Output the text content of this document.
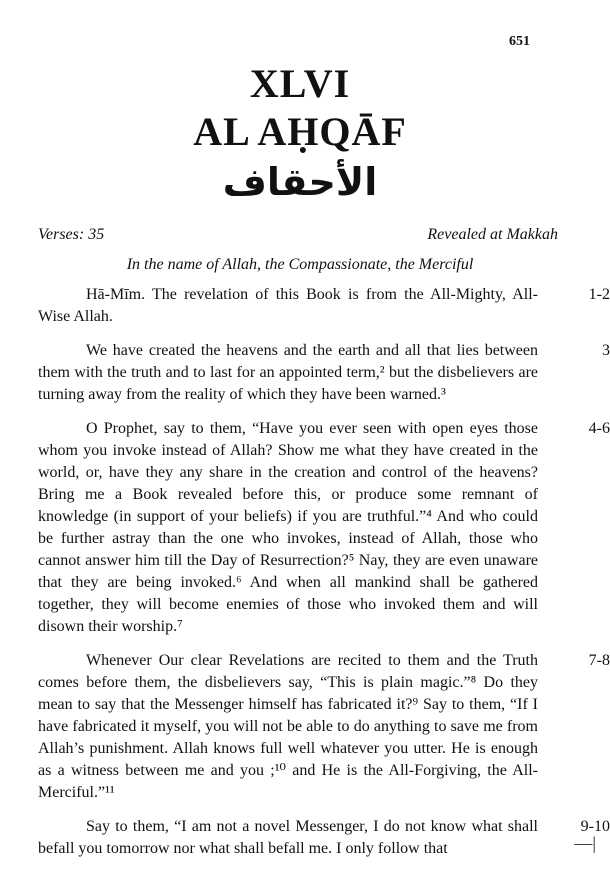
651
XLVI
AL AḤQĀF
الأحقاف
Verses: 35	Revealed at Makkah
In the name of Allah, the Compassionate, the Merciful

Hā-Mīm. The revelation of this Book is from the All-Mighty, All-Wise Allah.

1-2

We have created the heavens and the earth and all that lies between them with the truth and to last for an appointed term,² but the disbelievers are turning away from the reality of which they have been warned.³

3

O Prophet, say to them, “Have you ever seen with open eyes those whom you invoke instead of Allah? Show me what they have created in the world, or, have they any share in the creation and control of the heavens? Bring me a Book revealed before this, or produce some remnant of knowledge (in support of your beliefs) if you are truthful.”⁴ And who could be further astray than the one who invokes, instead of Allah, those who cannot answer him till the Day of Resurrection?⁵ Nay, they are even unaware that they are being invoked.⁶ And when all mankind shall be gathered together, they will become enemies of those who invoked them and will disown their worship.⁷

4-6

Whenever Our clear Revelations are recited to them and the Truth comes before them, the disbelievers say, “This is plain magic.”⁸ Do they mean to say that the Messenger himself has fabricated it?⁹ Say to them, “If I have fabricated it myself, you will not be able to do anything to save me from Allah’s punishment. Allah knows full well whatever you utter. He is enough as a witness between me and you ;¹⁰ and He is the All-Forgiving, the All-Merciful.”¹¹

7-8

Say to them, “I am not a novel Messenger, I do not know what shall befall you tomorrow nor what shall befall me. I only follow that

9-10
—|
